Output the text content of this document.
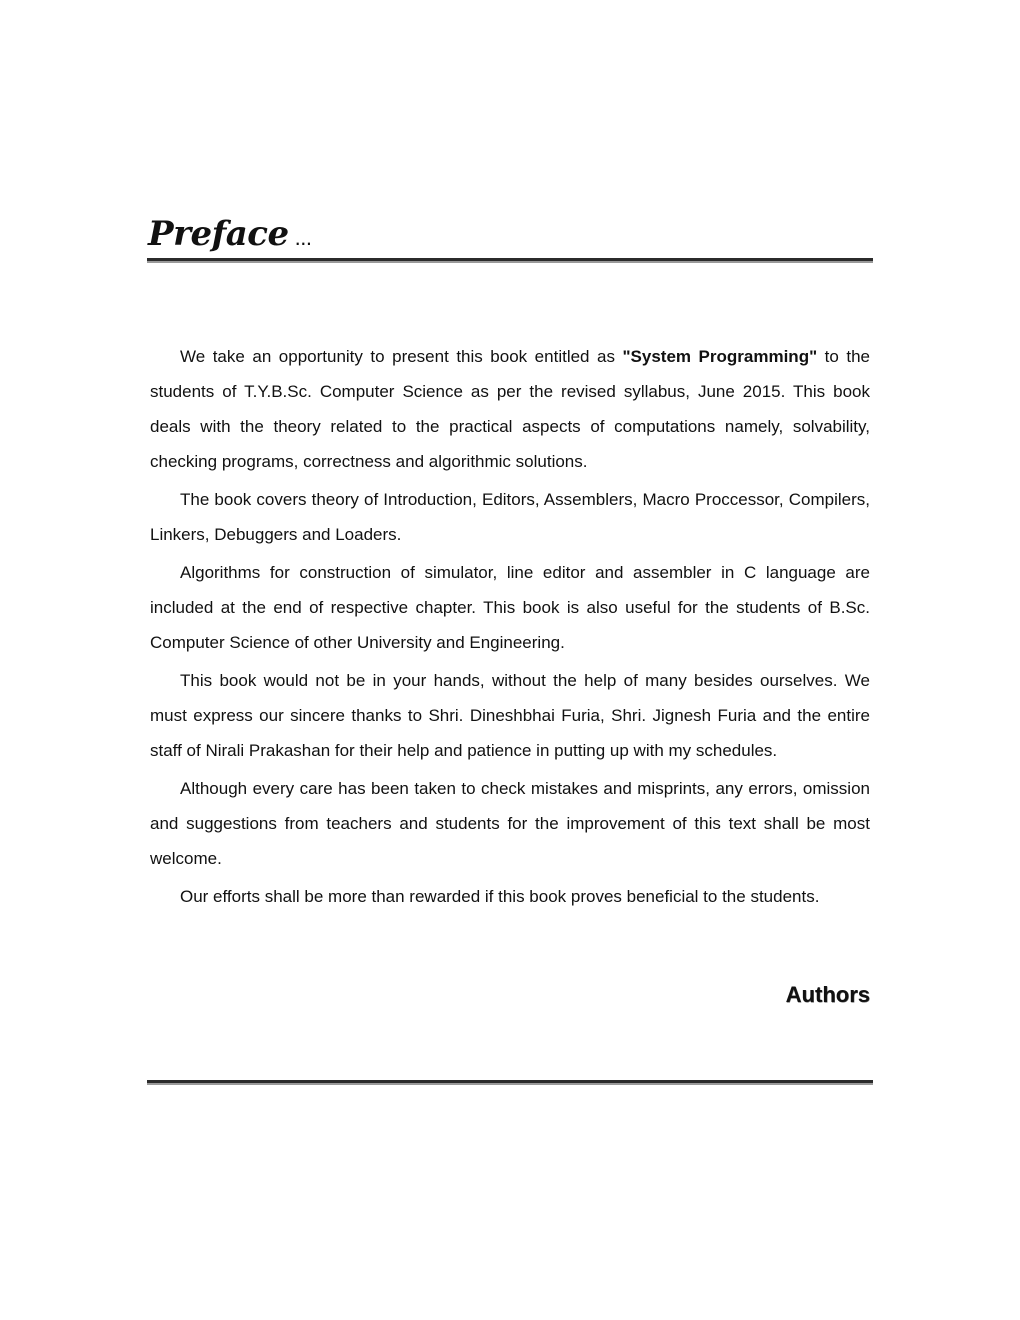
Preface ...

We take an opportunity to present this book entitled as "System Programming" to the students of T.Y.B.Sc. Computer Science as per the revised syllabus, June 2015. This book deals with the theory related to the practical aspects of computations namely, solvability, checking programs, correctness and algorithmic solutions.

The book covers theory of Introduction, Editors, Assemblers, Macro Proccessor, Compilers, Linkers, Debuggers and Loaders.

Algorithms for construction of simulator, line editor and assembler in C language are included at the end of respective chapter. This book is also useful for the students of B.Sc. Computer Science of other University and Engineering.

This book would not be in your hands, without the help of many besides ourselves. We must express our sincere thanks to Shri. Dineshbhai Furia, Shri. Jignesh Furia and the entire staff of Nirali Prakashan for their help and patience in putting up with my schedules.

Although every care has been taken to check mistakes and misprints, any errors, omission and suggestions from teachers and students for the improvement of this text shall be most welcome.

Our efforts shall be more than rewarded if this book proves beneficial to the students.

Authors
